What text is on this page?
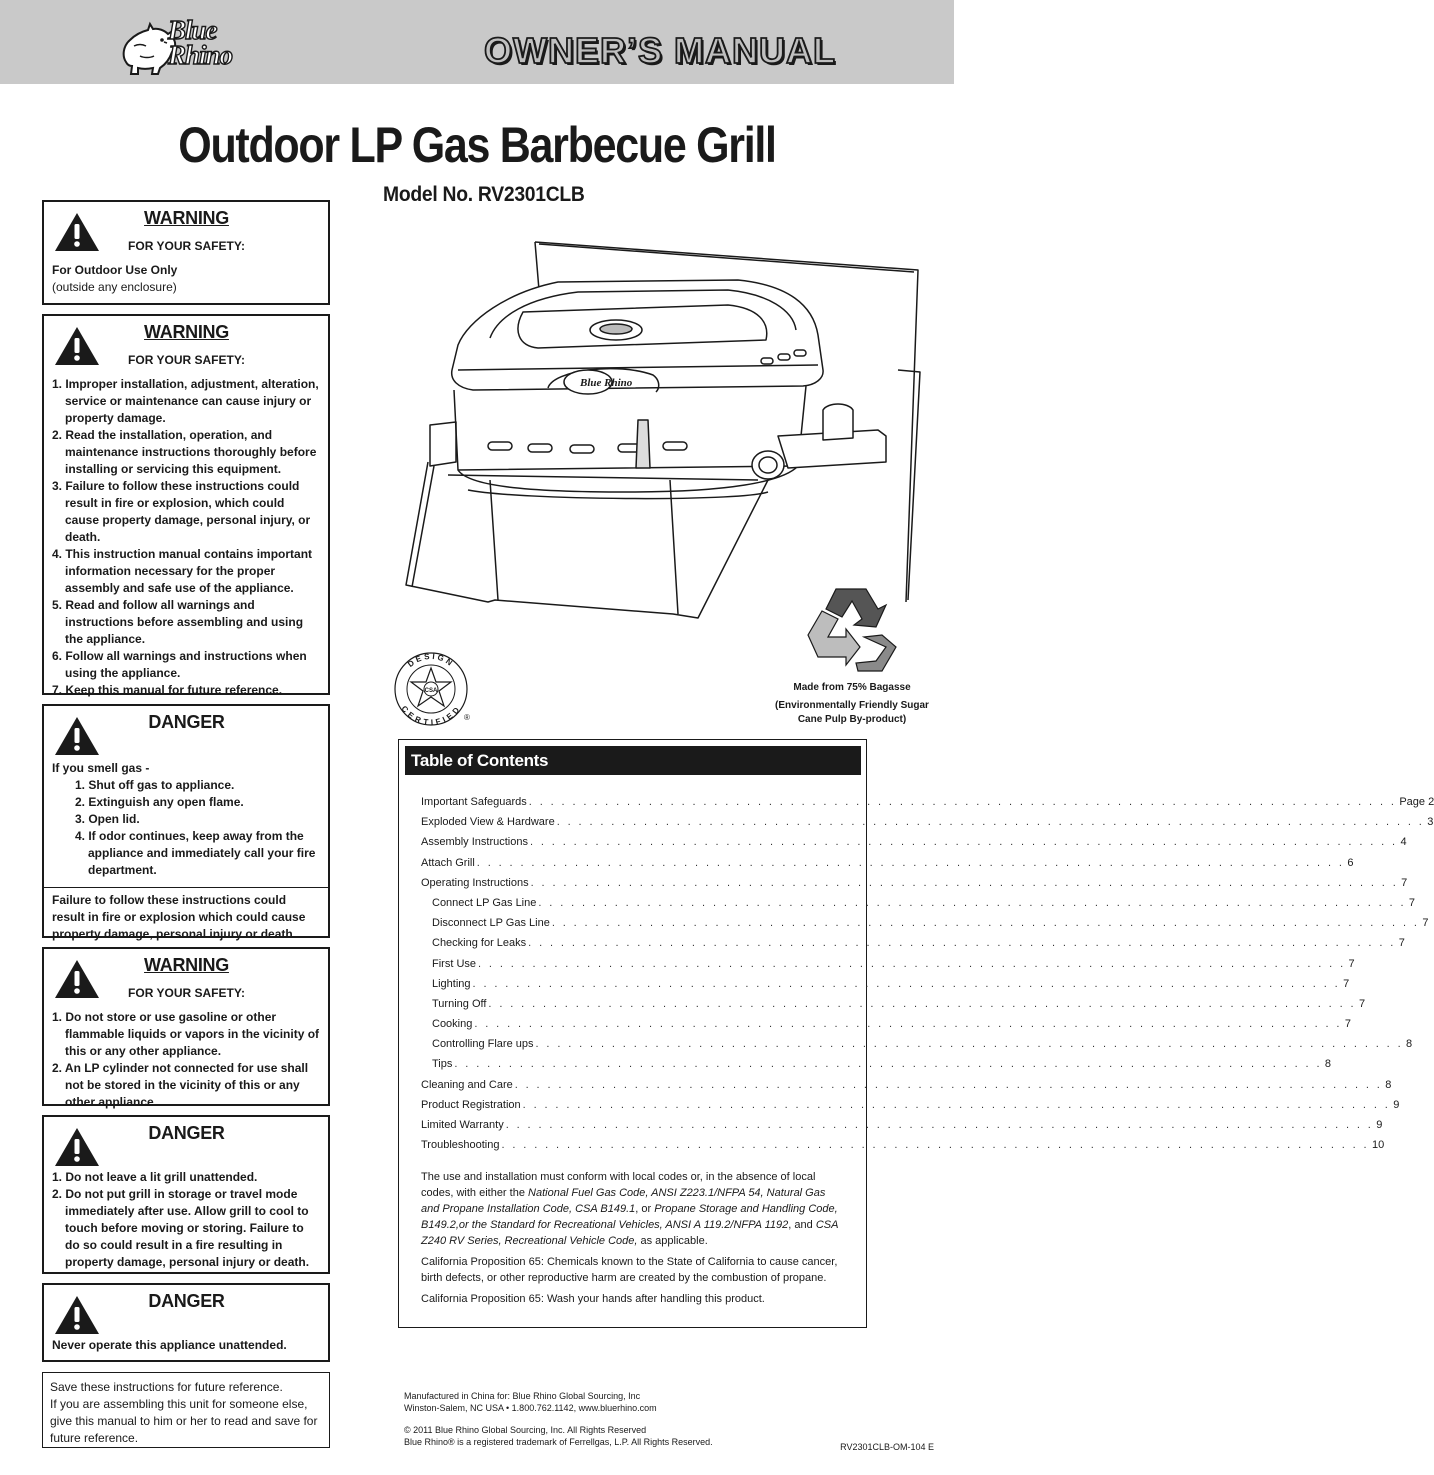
Blue
Rhino	OWNER’S MANUAL
Outdoor LP Gas Barbecue Grill
Model No. RV2301CLB
WARNING
FOR YOUR SAFETY:
For Outdoor Use Only
(outside any enclosure)
WARNING
FOR YOUR SAFETY:
1. Improper installation, adjustment, alteration, service or maintenance can cause injury or property damage.
2. Read the installation, operation, and maintenance instructions thoroughly before installing or servicing this equipment.
3. Failure to follow these instructions could result in fire or explosion, which could cause property damage, personal injury, or death.
4. This instruction manual contains important information necessary for the proper assembly and safe use of the appliance.
5. Read and follow all warnings and instructions before assembling and using the appliance.
6. Follow all warnings and instructions when using the appliance.
7. Keep this manual for future reference.
DANGER
If you smell gas -
1. Shut off gas to appliance.
2. Extinguish any open flame.
3. Open lid.
4. If odor continues, keep away from the appliance and immediately call your fire department.
Failure to follow these instructions could result in fire or explosion which could cause property damage, personal injury or death.
WARNING
FOR YOUR SAFETY:
1. Do not store or use gasoline or other flammable liquids or vapors in the vicinity of this or any other appliance.
2. An LP cylinder not connected for use shall not be stored in the vicinity of this or any other appliance.
DANGER
1. Do not leave a lit grill unattended.
2. Do not put grill in storage or travel mode immediately after use. Allow grill to cool to touch before moving or storing. Failure to do so could result in a fire resulting in property damage, personal injury or death.
DANGER
Never operate this appliance unattended.
Save these instructions for future reference.
If you are assembling this unit for someone else, give this manual to him or her to read and save for future reference.
Blue Rhino
Made from 75% Bagasse
(Environmentally Friendly Sugar Cane Pulp By-product)
DESIGN
CERTIFIED
CSA
®
Table of Contents
Important Safeguards . . . . . . . . . . . . . . . . . . . . . . . . . . . . . . . . . . . . . . . . . . . . . . . . . . . . . . . . . . . . . . . . . . . . . . . . . . . . . . . . Page 2
Exploded View & Hardware . . . . . . . . . . . . . . . . . . . . . . . . . . . . . . . . . . . . . . . . . . . . . . . . . . . . . . . . . . . . . . . . . . . . . . . . . . . . . . . . 3
Assembly Instructions . . . . . . . . . . . . . . . . . . . . . . . . . . . . . . . . . . . . . . . . . . . . . . . . . . . . . . . . . . . . . . . . . . . . . . . . . . . . . . . . 4
Attach Grill . . . . . . . . . . . . . . . . . . . . . . . . . . . . . . . . . . . . . . . . . . . . . . . . . . . . . . . . . . . . . . . . . . . . . . . . . . . . . . . . 6
Operating Instructions . . . . . . . . . . . . . . . . . . . . . . . . . . . . . . . . . . . . . . . . . . . . . . . . . . . . . . . . . . . . . . . . . . . . . . . . . . . . . . . . 7
Connect LP Gas Line . . . . . . . . . . . . . . . . . . . . . . . . . . . . . . . . . . . . . . . . . . . . . . . . . . . . . . . . . . . . . . . . . . . . . . . . . . . . . . . . 7
Disconnect LP Gas Line . . . . . . . . . . . . . . . . . . . . . . . . . . . . . . . . . . . . . . . . . . . . . . . . . . . . . . . . . . . . . . . . . . . . . . . . . . . . . . . . 7
Checking for Leaks . . . . . . . . . . . . . . . . . . . . . . . . . . . . . . . . . . . . . . . . . . . . . . . . . . . . . . . . . . . . . . . . . . . . . . . . . . . . . . . . 7
First Use . . . . . . . . . . . . . . . . . . . . . . . . . . . . . . . . . . . . . . . . . . . . . . . . . . . . . . . . . . . . . . . . . . . . . . . . . . . . . . . . 7
Lighting . . . . . . . . . . . . . . . . . . . . . . . . . . . . . . . . . . . . . . . . . . . . . . . . . . . . . . . . . . . . . . . . . . . . . . . . . . . . . . . . 7
Turning Off . . . . . . . . . . . . . . . . . . . . . . . . . . . . . . . . . . . . . . . . . . . . . . . . . . . . . . . . . . . . . . . . . . . . . . . . . . . . . . . . 7
Cooking . . . . . . . . . . . . . . . . . . . . . . . . . . . . . . . . . . . . . . . . . . . . . . . . . . . . . . . . . . . . . . . . . . . . . . . . . . . . . . . . 7
Controlling Flare ups . . . . . . . . . . . . . . . . . . . . . . . . . . . . . . . . . . . . . . . . . . . . . . . . . . . . . . . . . . . . . . . . . . . . . . . . . . . . . . . . 8
Tips . . . . . . . . . . . . . . . . . . . . . . . . . . . . . . . . . . . . . . . . . . . . . . . . . . . . . . . . . . . . . . . . . . . . . . . . . . . . . . . . 8
Cleaning and Care . . . . . . . . . . . . . . . . . . . . . . . . . . . . . . . . . . . . . . . . . . . . . . . . . . . . . . . . . . . . . . . . . . . . . . . . . . . . . . . . 8
Product Registration . . . . . . . . . . . . . . . . . . . . . . . . . . . . . . . . . . . . . . . . . . . . . . . . . . . . . . . . . . . . . . . . . . . . . . . . . . . . . . . . 9
Limited Warranty . . . . . . . . . . . . . . . . . . . . . . . . . . . . . . . . . . . . . . . . . . . . . . . . . . . . . . . . . . . . . . . . . . . . . . . . . . . . . . . . 9
Troubleshooting . . . . . . . . . . . . . . . . . . . . . . . . . . . . . . . . . . . . . . . . . . . . . . . . . . . . . . . . . . . . . . . . . . . . . . . . . . . . . . . . 10

The use and installation must conform with local codes or, in the absence of local codes, with either the National Fuel Gas Code, ANSI Z223.1/NFPA 54, Natural Gas and Propane Installation Code, CSA B149.1, or Propane Storage and Handling Code, B149.2,or the Standard for Recreational Vehicles, ANSI A 119.2/NFPA 1192, and CSA Z240 RV Series, Recreational Vehicle Code, as applicable.

California Proposition 65: Chemicals known to the State of California to cause cancer, birth defects, or other reproductive harm are created by the combustion of propane.

California Proposition 65: Wash your hands after handling this product.

Manufactured in China for: Blue Rhino Global Sourcing, Inc
Winston-Salem, NC USA • 1.800.762.1142, www.bluerhino.com
© 2011 Blue Rhino Global Sourcing, Inc. All Rights Reserved
Blue Rhino® is a registered trademark of Ferrellgas, L.P. All Rights Reserved.	RV2301CLB-OM-104 E
